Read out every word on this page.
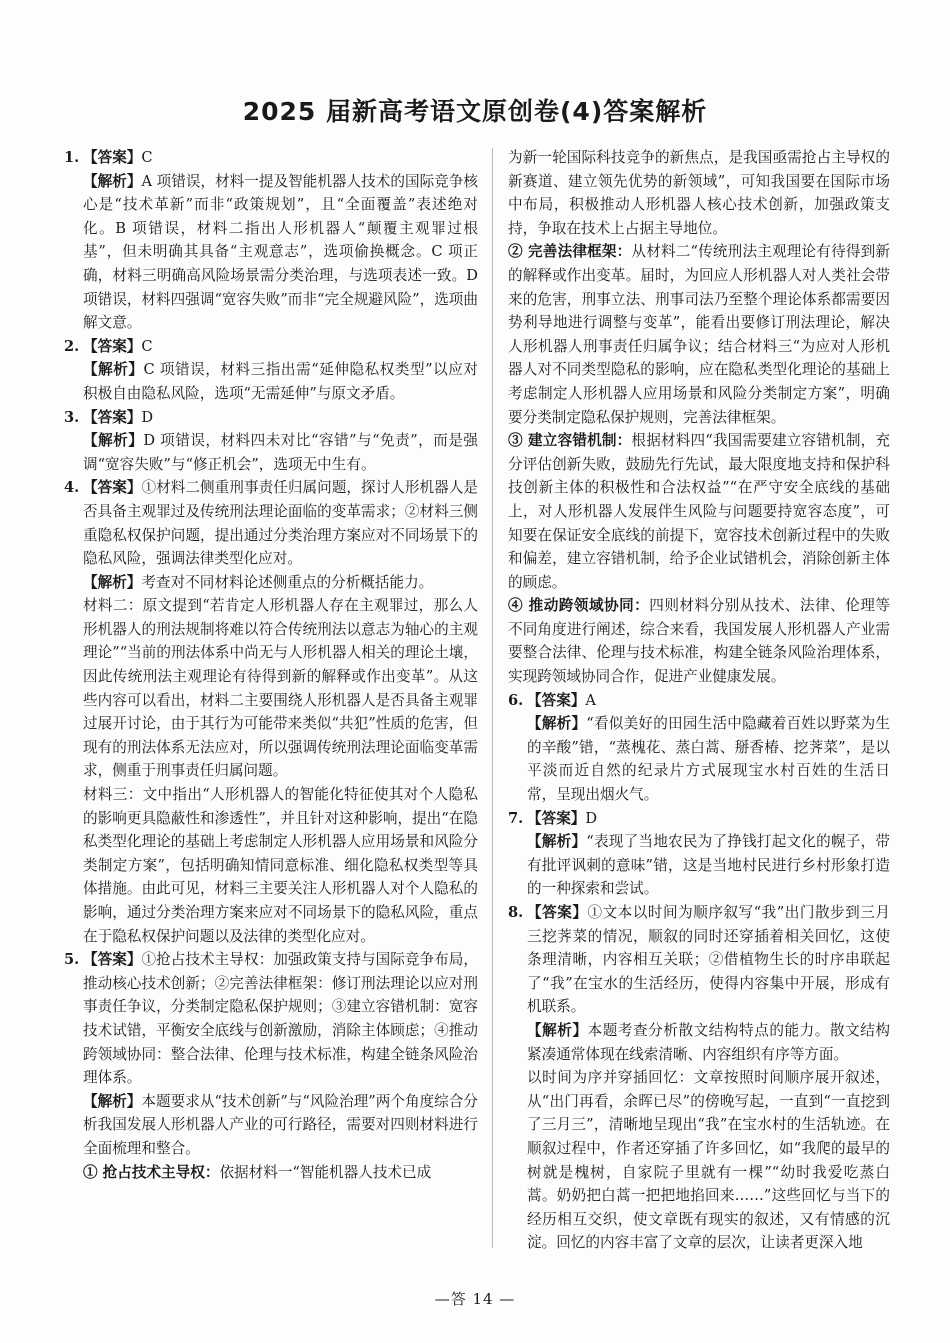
2025 届新高考语文原创卷(4)答案解析
1. 【答案】C

【解析】A 项错误，材料一提及智能机器人技术的国际竞争核心是“技术革新”而非“政策规划”，且“全面覆盖”表述绝对化。B 项错误，材料二指出人形机器人“颠覆主观罪过根基”，但未明确其具备“主观意志”，选项偷换概念。C 项正确，材料三明确高风险场景需分类治理，与选项表述一致。D 项错误，材料四强调“宽容失败”而非“完全规避风险”，选项曲解文意。

2. 【答案】C

【解析】C 项错误，材料三指出需“延伸隐私权类型”以应对积极自由隐私风险，选项“无需延伸”与原文矛盾。

3. 【答案】D

【解析】D 项错误，材料四未对比“容错”与“免责”，而是强调“宽容失败”与“修正机会”，选项无中生有。

4. 【答案】①材料二侧重刑事责任归属问题，探讨人形机器人是否具备主观罪过及传统刑法理论面临的变革需求；②材料三侧重隐私权保护问题，提出通过分类治理方案应对不同场景下的隐私风险，强调法律类型化应对。

【解析】考查对不同材料论述侧重点的分析概括能力。

材料二：原文提到“若肯定人形机器人存在主观罪过，那么人形机器人的刑法规制将难以符合传统刑法以意志为轴心的主观理论”“当前的刑法体系中尚无与人形机器人相关的理论土壤，因此传统刑法主观理论有待得到新的解释或作出变革”。从这些内容可以看出，材料二主要围绕人形机器人是否具备主观罪过展开讨论，由于其行为可能带来类似“共犯”性质的危害，但现有的刑法体系无法应对，所以强调传统刑法理论面临变革需求，侧重于刑事责任归属问题。

材料三：文中指出“人形机器人的智能化特征使其对个人隐私的影响更具隐蔽性和渗透性”，并且针对这种影响，提出“在隐私类型化理论的基础上考虑制定人形机器人应用场景和风险分类制定方案”，包括明确知情同意标准、细化隐私权类型等具体措施。由此可见，材料三主要关注人形机器人对个人隐私的影响，通过分类治理方案来应对不同场景下的隐私风险，重点在于隐私权保护问题以及法律的类型化应对。

5. 【答案】①抢占技术主导权：加强政策支持与国际竞争布局，推动核心技术创新；②完善法律框架：修订刑法理论以应对刑事责任争议，分类制定隐私保护规则；③建立容错机制：宽容技术试错，平衡安全底线与创新激励，消除主体顾虑；④推动跨领域协同：整合法律、伦理与技术标准，构建全链条风险治理体系。

【解析】本题要求从“技术创新”与“风险治理”两个角度综合分析我国发展人形机器人产业的可行路径，需要对四则材料进行全面梳理和整合。

① 抢占技术主导权：依据材料一“智能机器人技术已成

为新一轮国际科技竞争的新焦点，是我国亟需抢占主导权的新赛道、建立领先优势的新领域”，可知我国要在国际市场中布局，积极推动人形机器人核心技术创新，加强政策支持，争取在技术上占据主导地位。

② 完善法律框架：从材料二“传统刑法主观理论有待得到新的解释或作出变革。届时，为回应人形机器人对人类社会带来的危害，刑事立法、刑事司法乃至整个理论体系都需要因势利导地进行调整与变革”，能看出要修订刑法理论，解决人形机器人刑事责任归属争议；结合材料三“为应对人形机器人对不同类型隐私的影响，应在隐私类型化理论的基础上考虑制定人形机器人应用场景和风险分类制定方案”，明确要分类制定隐私保护规则，完善法律框架。

③ 建立容错机制：根据材料四“我国需要建立容错机制，充分评估创新失败，鼓励先行先试，最大限度地支持和保护科技创新主体的积极性和合法权益”“在严守安全底线的基础上，对人形机器人发展伴生风险与问题要持宽容态度”，可知要在保证安全底线的前提下，宽容技术创新过程中的失败和偏差，建立容错机制，给予企业试错机会，消除创新主体的顾虑。

④ 推动跨领域协同：四则材料分别从技术、法律、伦理等不同角度进行阐述，综合来看，我国发展人形机器人产业需要整合法律、伦理与技术标准，构建全链条风险治理体系，实现跨领域协同合作，促进产业健康发展。

6. 【答案】A

【解析】“看似美好的田园生活中隐藏着百姓以野菜为生的辛酸”错，“蒸槐花、蒸白蒿、掰香椿、挖荠菜”，是以平淡而近自然的纪录片方式展现宝水村百姓的生活日常，呈现出烟火气。

7. 【答案】D

【解析】“表现了当地农民为了挣钱打起文化的幌子，带有批评讽刺的意味”错，这是当地村民进行乡村形象打造的一种探索和尝试。

8. 【答案】①文本以时间为顺序叙写“我”出门散步到三月三挖荠菜的情况，顺叙的同时还穿插着相关回忆，这使条理清晰，内容相互关联；②借植物生长的时序串联起了“我”在宝水的生活经历，使得内容集中开展，形成有机联系。

【解析】本题考查分析散文结构特点的能力。散文结构紧凑通常体现在线索清晰、内容组织有序等方面。

以时间为序并穿插回忆：文章按照时间顺序展开叙述，从“出门再看，余晖已尽”的傍晚写起，一直到“一直挖到了三月三”，清晰地呈现出“我”在宝水村的生活轨迹。在顺叙过程中，作者还穿插了许多回忆，如“我爬的最早的树就是槐树，自家院子里就有一棵”“幼时我爱吃蒸白蒿。奶奶把白蒿一把把地掐回来……”这些回忆与当下的经历相互交织，使文章既有现实的叙述，又有情感的沉淀。回忆的内容丰富了文章的层次，让读者更深入地

—答 14 —
